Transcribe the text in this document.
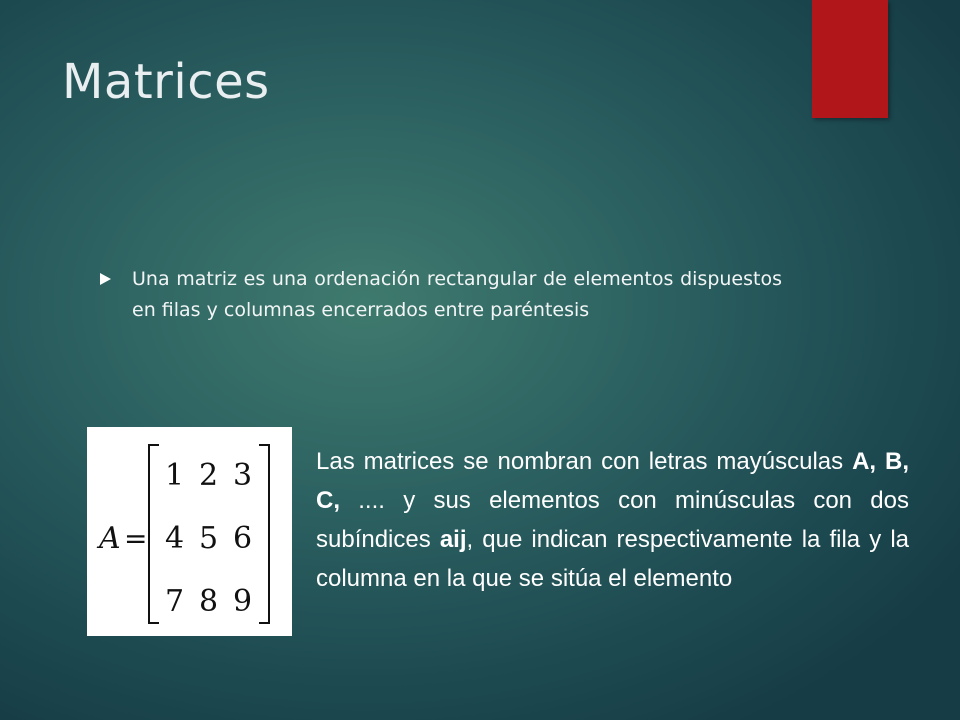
Matrices

Una matriz es una ordenación rectangular de elementos dispuestos en filas y columnas encerrados entre paréntesis

A =
1 2 3
4 5 6
7 8 9

Las matrices se nombran con letras mayúsculas A, B, C, .... y sus elementos con minúsculas con dos subíndices aij, que indican respectivamente la fila y la columna en la que se sitúa el elemento
